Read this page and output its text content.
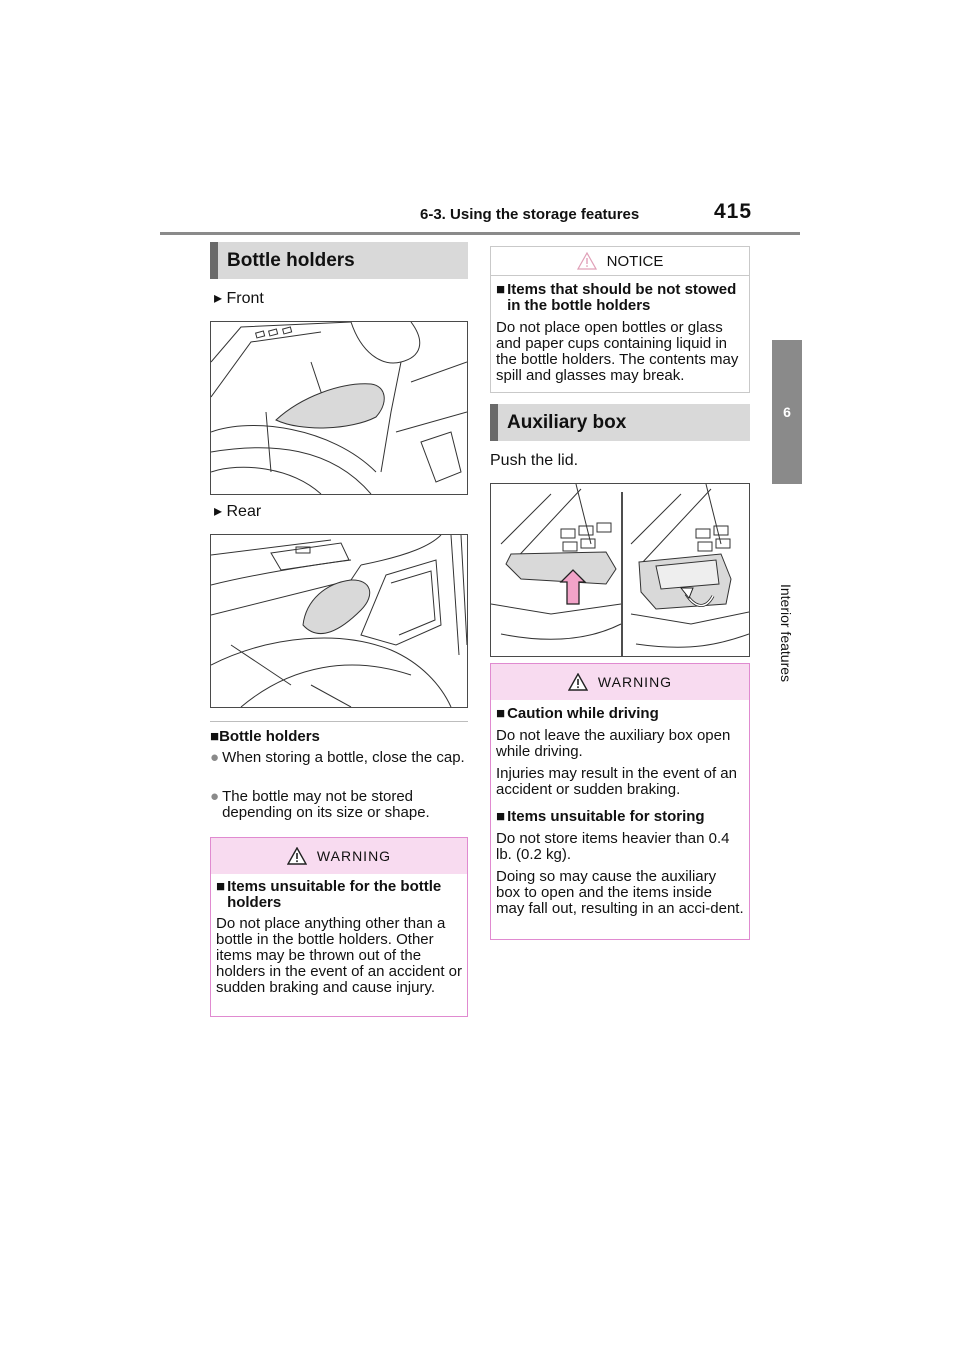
6-3. Using the storage features	415
6
Interior features
Bottle holders
▸ Front
▸ Rear
■Bottle holders
● When storing a bottle, close the cap.
● The bottle may not be stored depending on its size or shape.
WARNING
■ Items unsuitable for the bottle holders

Do not place anything other than a bottle in the bottle holders. Other items may be thrown out of the holders in the event of an accident or sudden braking and cause injury.

NOTICE
■ Items that should be not stowed in the bottle holders

Do not place open bottles or glass and paper cups containing liquid in the bottle holders. The contents may spill and glasses may break.

Auxiliary box
Push the lid.
WARNING
■ Caution while driving

Do not leave the auxiliary box open while driving.

Injuries may result in the event of an accident or sudden braking.

■ Items unsuitable for storing

Do not store items heavier than 0.4 lb. (0.2 kg).

Doing so may cause the auxiliary box to open and the items inside may fall out, resulting in an acci-dent.
